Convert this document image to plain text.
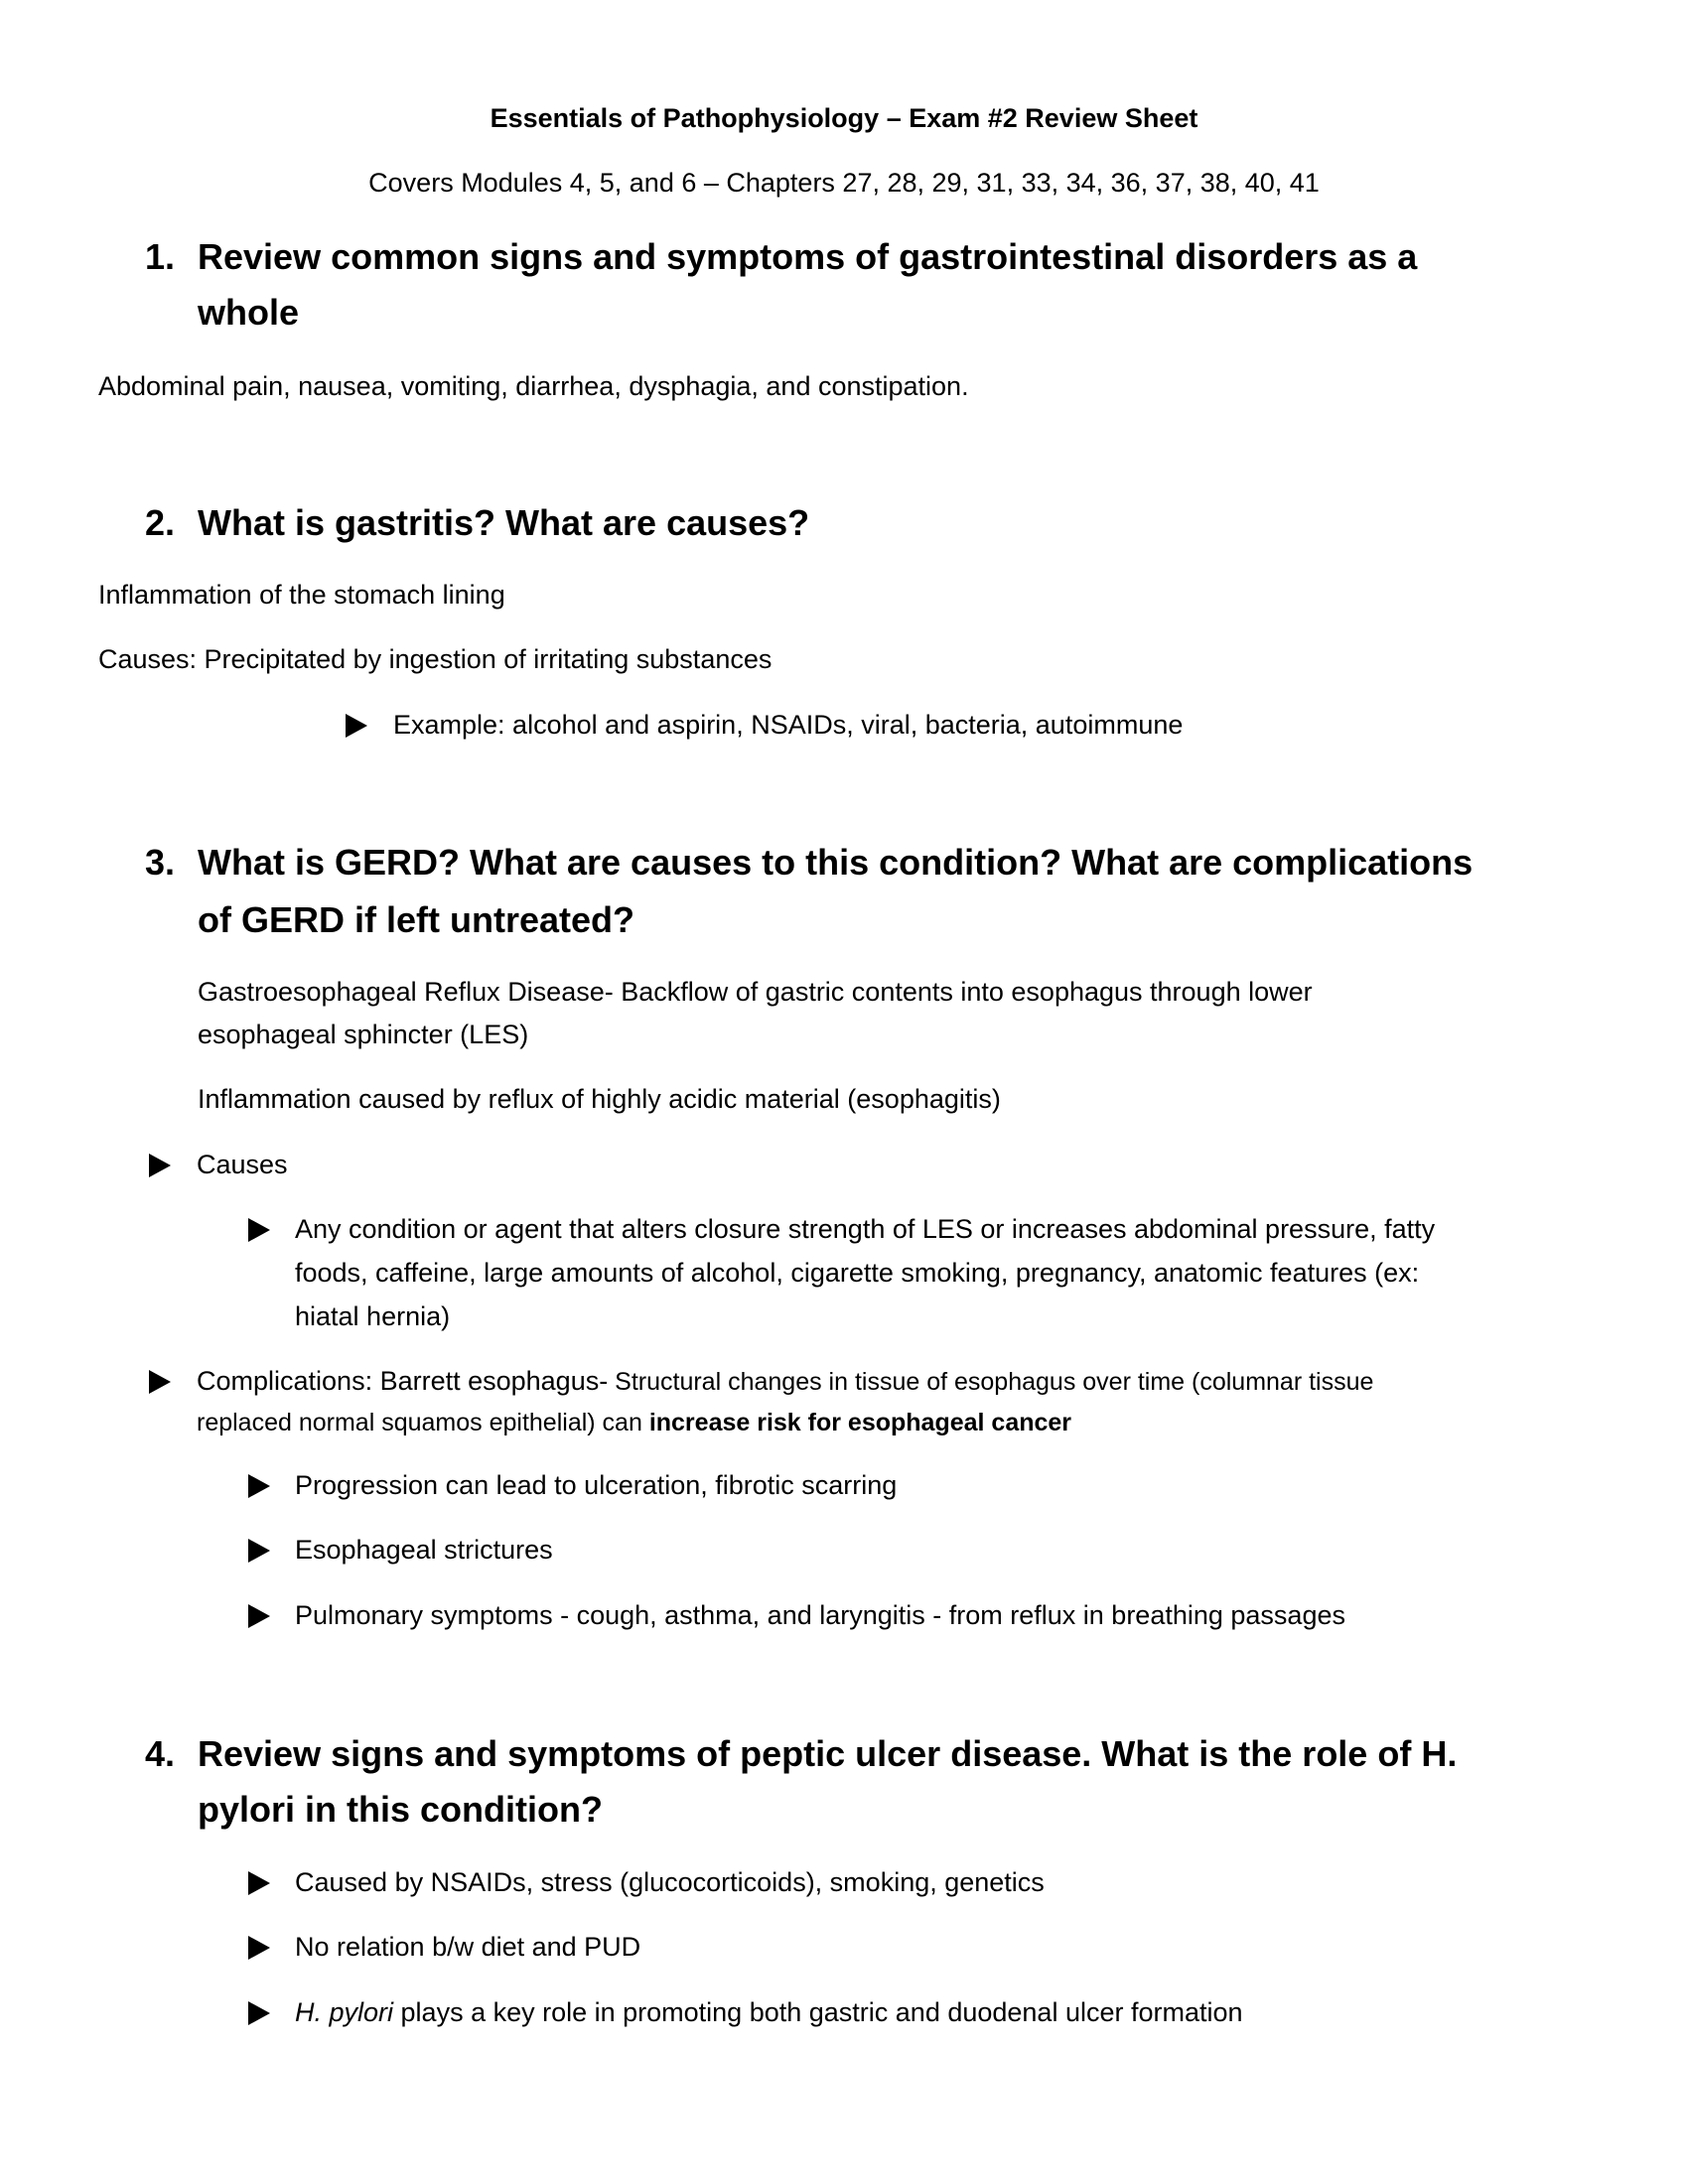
Essentials of Pathophysiology – Exam #2 Review Sheet
Covers Modules 4, 5, and 6 – Chapters 27, 28, 29, 31, 33, 34, 36, 37, 38, 40, 41
1. Review common signs and symptoms of gastrointestinal disorders as a
whole
Abdominal pain, nausea, vomiting, diarrhea, dysphagia, and constipation.
2. What is gastritis? What are causes?
Inflammation of the stomach lining
Causes: Precipitated by ingestion of irritating substances
Example: alcohol and aspirin, NSAIDs, viral, bacteria, autoimmune
3. What is GERD? What are causes to this condition? What are complications
of GERD if left untreated?
Gastroesophageal Reflux Disease- Backflow of gastric contents into esophagus through lower
esophageal sphincter (LES)
Inflammation caused by reflux of highly acidic material (esophagitis)
Causes
Any condition or agent that alters closure strength of LES or increases abdominal pressure, fatty
foods, caffeine, large amounts of alcohol, cigarette smoking, pregnancy, anatomic features (ex:
hiatal hernia)
Complications: Barrett esophagus- Structural changes in tissue of esophagus over time (columnar tissue
replaced normal squamos epithelial) can increase risk for esophageal cancer
Progression can lead to ulceration, fibrotic scarring
Esophageal strictures
Pulmonary symptoms - cough, asthma, and laryngitis - from reflux in breathing passages
4. Review signs and symptoms of peptic ulcer disease. What is the role of H.
pylori in this condition?
Caused by NSAIDs, stress (glucocorticoids), smoking, genetics
No relation b/w diet and PUD
H. pylori plays a key role in promoting both gastric and duodenal ulcer formation
